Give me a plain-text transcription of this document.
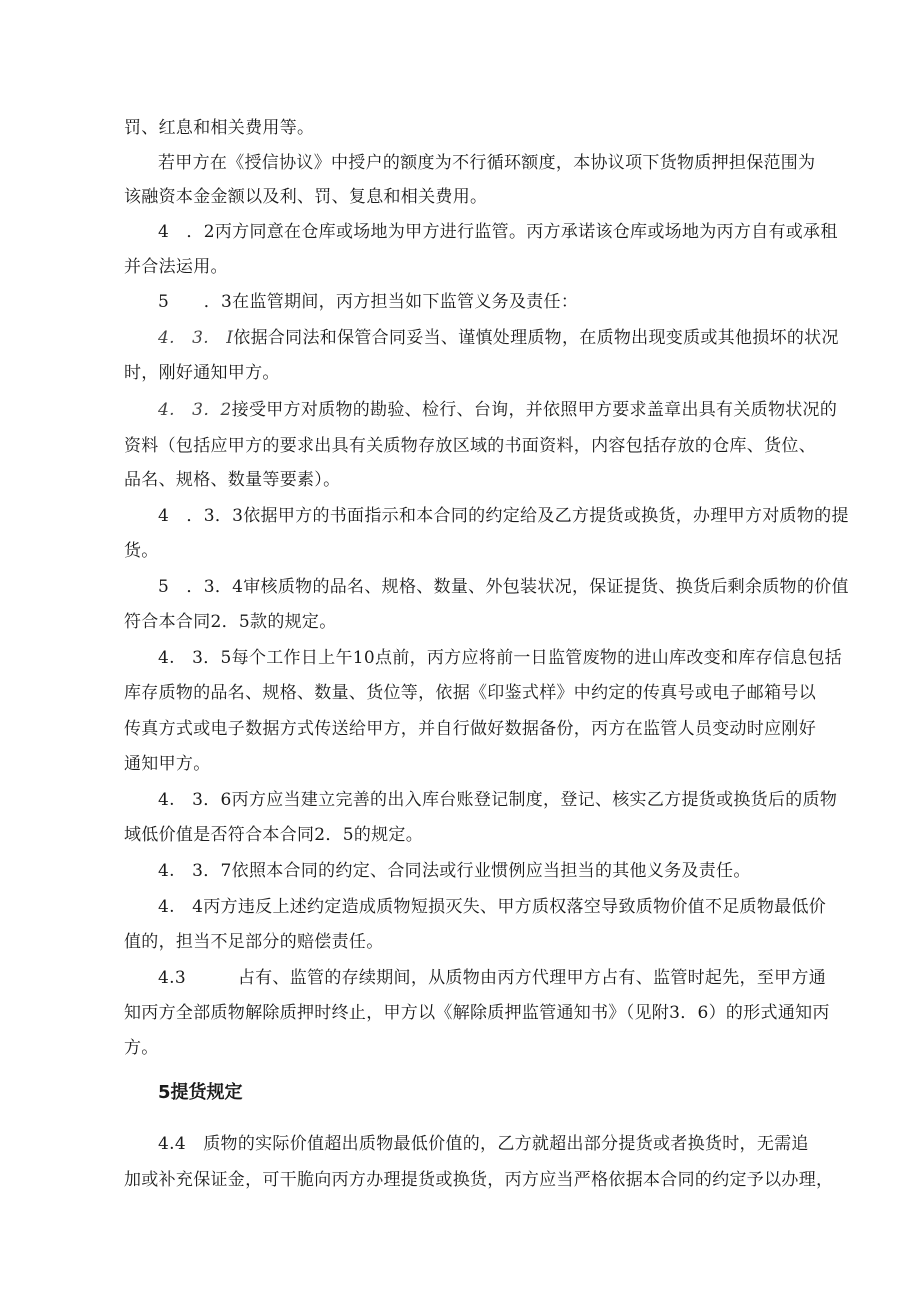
罚、红息和相关费用等。
若甲方在《授信协议》中授户的额度为不行循环额度，本协议项下货物质押担保范围为
该融资本金金额以及利、罚、复息和相关费用。
4　．2丙方同意在仓库或场地为甲方进行监管。丙方承诺该仓库或场地为丙方自有或承租
并合法运用。
5　　．3在监管期间，丙方担当如下监管义务及责任：
4.　3.　I依据合同法和保管合同妥当、谨慎处理质物，在质物出现变质或其他损坏的状况
时，刚好通知甲方。
4.　3．2接受甲方对质物的勘验、检行、台询，并依照甲方要求盖章出具有关质物状况的
资料（包括应甲方的要求出具有关质物存放区域的书面资料，内容包括存放的仓库、货位、
品名、规格、数量等要素）。
4　．3．3依据甲方的书面指示和本合同的约定给及乙方提货或换货，办理甲方对质物的提
货。
5　．3．4审核质物的品名、规格、数量、外包装状况，保证提货、换货后剩余质物的价值
符合本合同2．5款的规定。
4.　3．5每个工作日上午10点前，丙方应将前一日监管废物的进山库改变和库存信息包括
库存质物的品名、规格、数量、货位等，依据《印鉴式样》中约定的传真号或电子邮箱号以
传真方式或电子数据方式传送给甲方，并自行做好数据备份，丙方在监管人员变动时应刚好
通知甲方。
4.　3．6丙方应当建立完善的出入库台账登记制度，登记、核实乙方提货或换货后的质物
域低价值是否符合本合同2．5的规定。
4.　3．7依照本合同的约定、合同法或行业惯例应当担当的其他义务及责任。
4.　4丙方违反上述约定造成质物短损灭失、甲方质权落空导致质物价值不足质物最低价
值的，担当不足部分的赔偿责任。
4.3　　　占有、监管的存续期间，从质物由丙方代理甲方占有、监管时起先，至甲方通
知丙方全部质物解除质押时终止，甲方以《解除质押监管通知书》（见附3．6）的形式通知丙
方。
5提货规定
4.4　质物的实际价值超出质物最低价值的，乙方就超出部分提货或者换货时，无需追
加或补充保证金，可干脆向丙方办理提货或换货，丙方应当严格依据本合同的约定予以办理，
